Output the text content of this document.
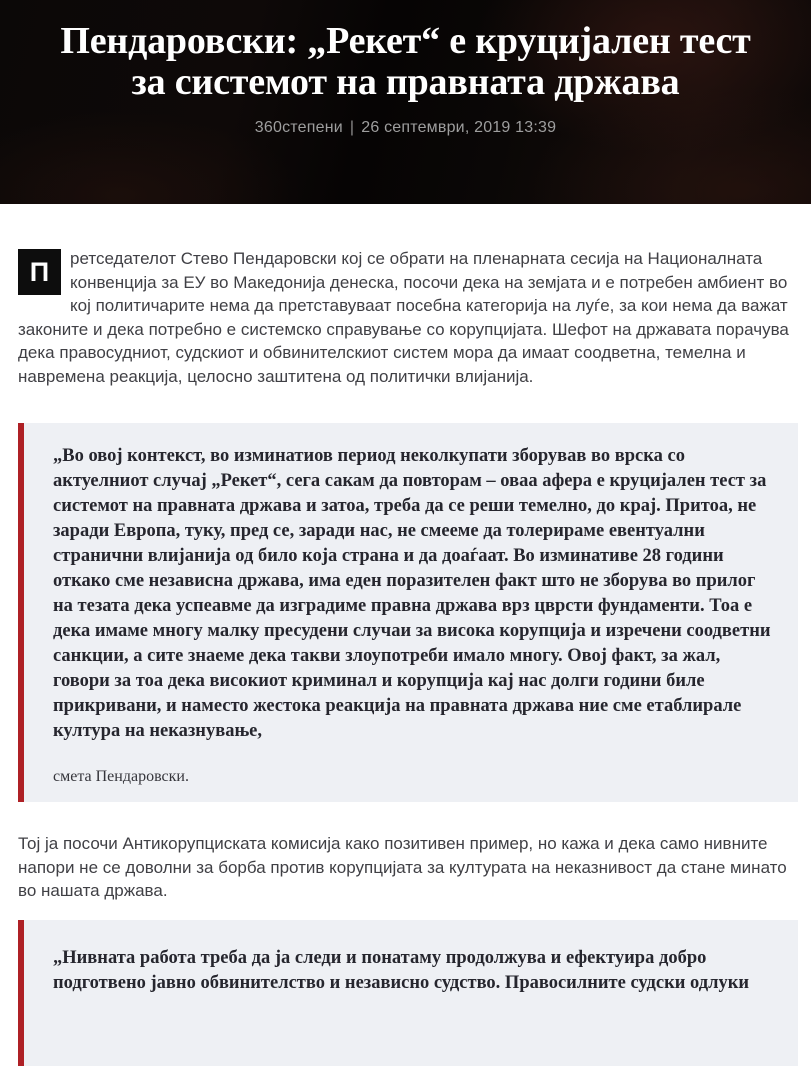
Пендаровски: „Рекет“ е круцијален тест
за системот на правната држава
360степени | 26 септември, 2019 13:39

П	ретседателот Стево Пендаровски кој се обрати на пленарната сесија на Националната конвенција за ЕУ во Македонија денеска, посочи дека на земјата и е потребен амбиент во кој политичарите нема да претставуваат посебна категорија на луѓе, за кои нема да важат законите и дека потребно е системско справување со корупцијата. Шефот на државата порачува дека правосудниот, судскиот и обвинителскиот систем мора да имаат соодветна, темелна и навремена реакција, целосно заштитена од политички влијанија.

„Во овој контекст, во изминатиов период неколкупати зборував во врска со актуелниот случај „Рекет“, сега сакам да повторам – оваа афера е круцијален тест за системот на правната држава и затоа, треба да се реши темелно, до крај. Притоа, не заради Европа, туку, пред се, заради нас, не смееме да толерираме евентуални странични влијанија од било која страна и да доаѓаат. Во изминативе 28 години откако сме независна држава, има еден поразителен факт што не зборува во прилог на тезата дека успеавме да изградиме правна држава врз цврсти фундаменти. Тоа е дека имаме многу малку пресудени случаи за висока корупција и изречени соодветни санкции, а сите знаеме дека такви злоупотреби имало многу. Овој факт, за жал, говори за тоа дека високиот криминал и корупција кај нас долги години биле прикривани, и наместо жестока реакција на правната држава ние сме етаблирале култура на неказнување,
смета Пендаровски.

Тој ја посочи Антикорупциската комисија како позитивен пример, но кажа и дека само нивните напори не се доволни за борба против корупцијата за културата на неказнивост да стане минато во нашата држава.

„Нивната работа треба да ја следи и понатаму продолжува и ефектуира добро подготвено јавно обвинителство и независно судство. Правосилните судски одлуки
